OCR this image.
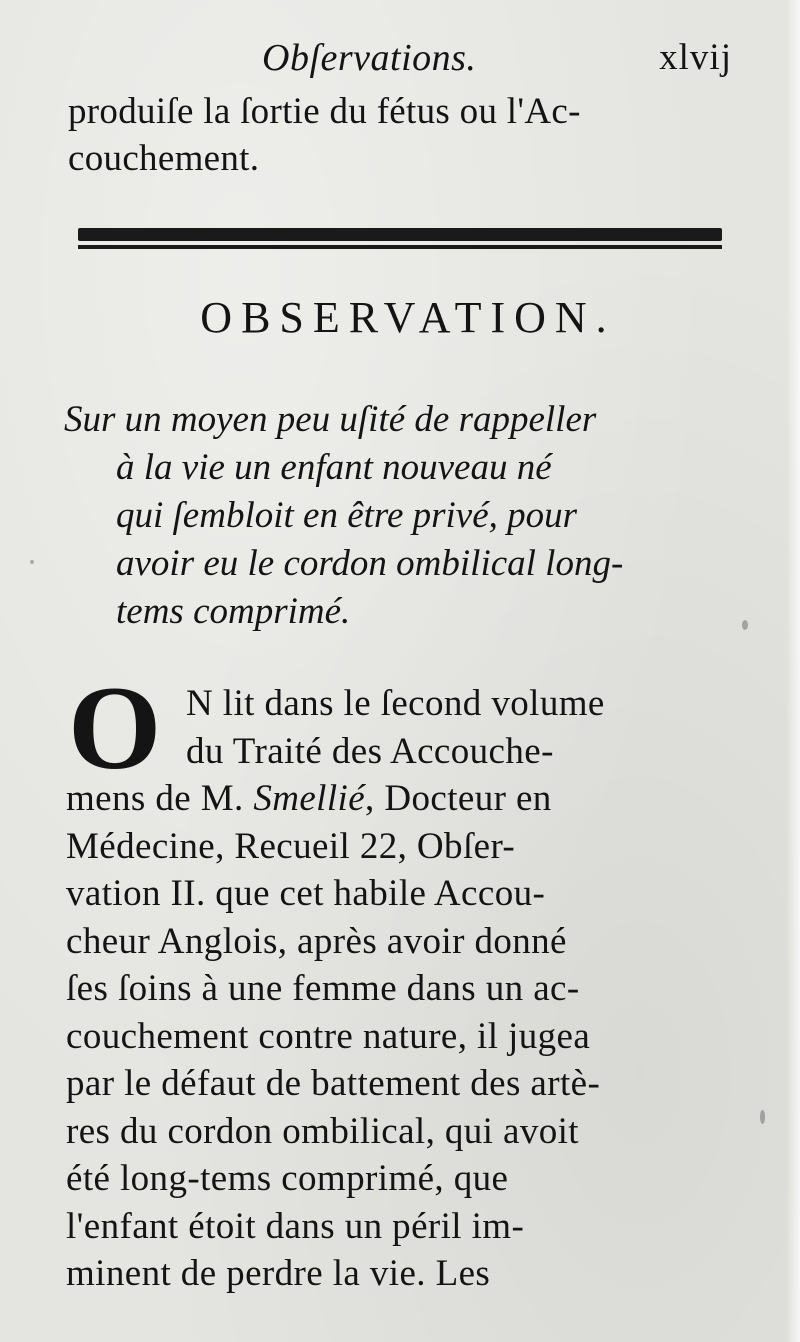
Obſervations.	xlvij
produiſe la ſortie du fétus ou l'Ac-
couchement.
OBSERVATION.
Sur un moyen peu uſité de rappeller
à la vie un enfant nouveau né
qui ſembloit en être privé, pour
avoir eu le cordon ombilical long-
tems comprimé.
O N lit dans le ſecond volume
du Traité des Accouche-
mens de M. Smellié, Docteur en
Médecine, Recueil 22, Obſer-
vation II. que cet habile Accou-
cheur Anglois, après avoir donné
ſes ſoins à une femme dans un ac-
couchement contre nature, il jugea
par le défaut de battement des artè-
res du cordon ombilical, qui avoit
été long-tems comprimé, que
l'enfant étoit dans un péril im-
minent de perdre la vie. Les
